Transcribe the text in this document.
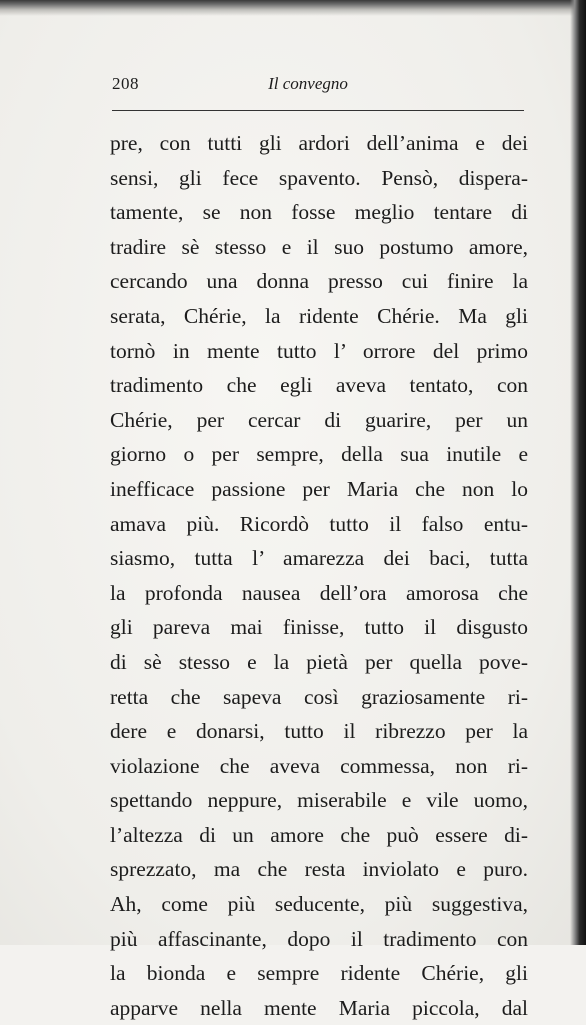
208	Il convegno
pre, con tutti gli ardori dell’anima e dei
sensi, gli fece spavento. Pensò, dispera-
tamente, se non fosse meglio tentare di
tradire sè stesso e il suo postumo amore,
cercando una donna presso cui finire la
serata, Chérie, la ridente Chérie. Ma gli
tornò in mente tutto l’ orrore del primo
tradimento che egli aveva tentato, con
Chérie, per cercar di guarire, per un
giorno o per sempre, della sua inutile e
inefficace passione per Maria che non lo
amava più. Ricordò tutto il falso entu-
siasmo, tutta l’ amarezza dei baci, tutta
la profonda nausea dell’ora amorosa che
gli pareva mai finisse, tutto il disgusto
di sè stesso e la pietà per quella pove-
retta che sapeva così graziosamente ri-
dere e donarsi, tutto il ribrezzo per la
violazione che aveva commessa, non ri-
spettando neppure, miserabile e vile uomo,
l’altezza di un amore che può essere di-
sprezzato, ma che resta inviolato e puro.
Ah, come più seducente, più suggestiva,
più affascinante, dopo il tradimento con
la bionda e sempre ridente Chérie, gli
apparve nella mente Maria piccola, dal
